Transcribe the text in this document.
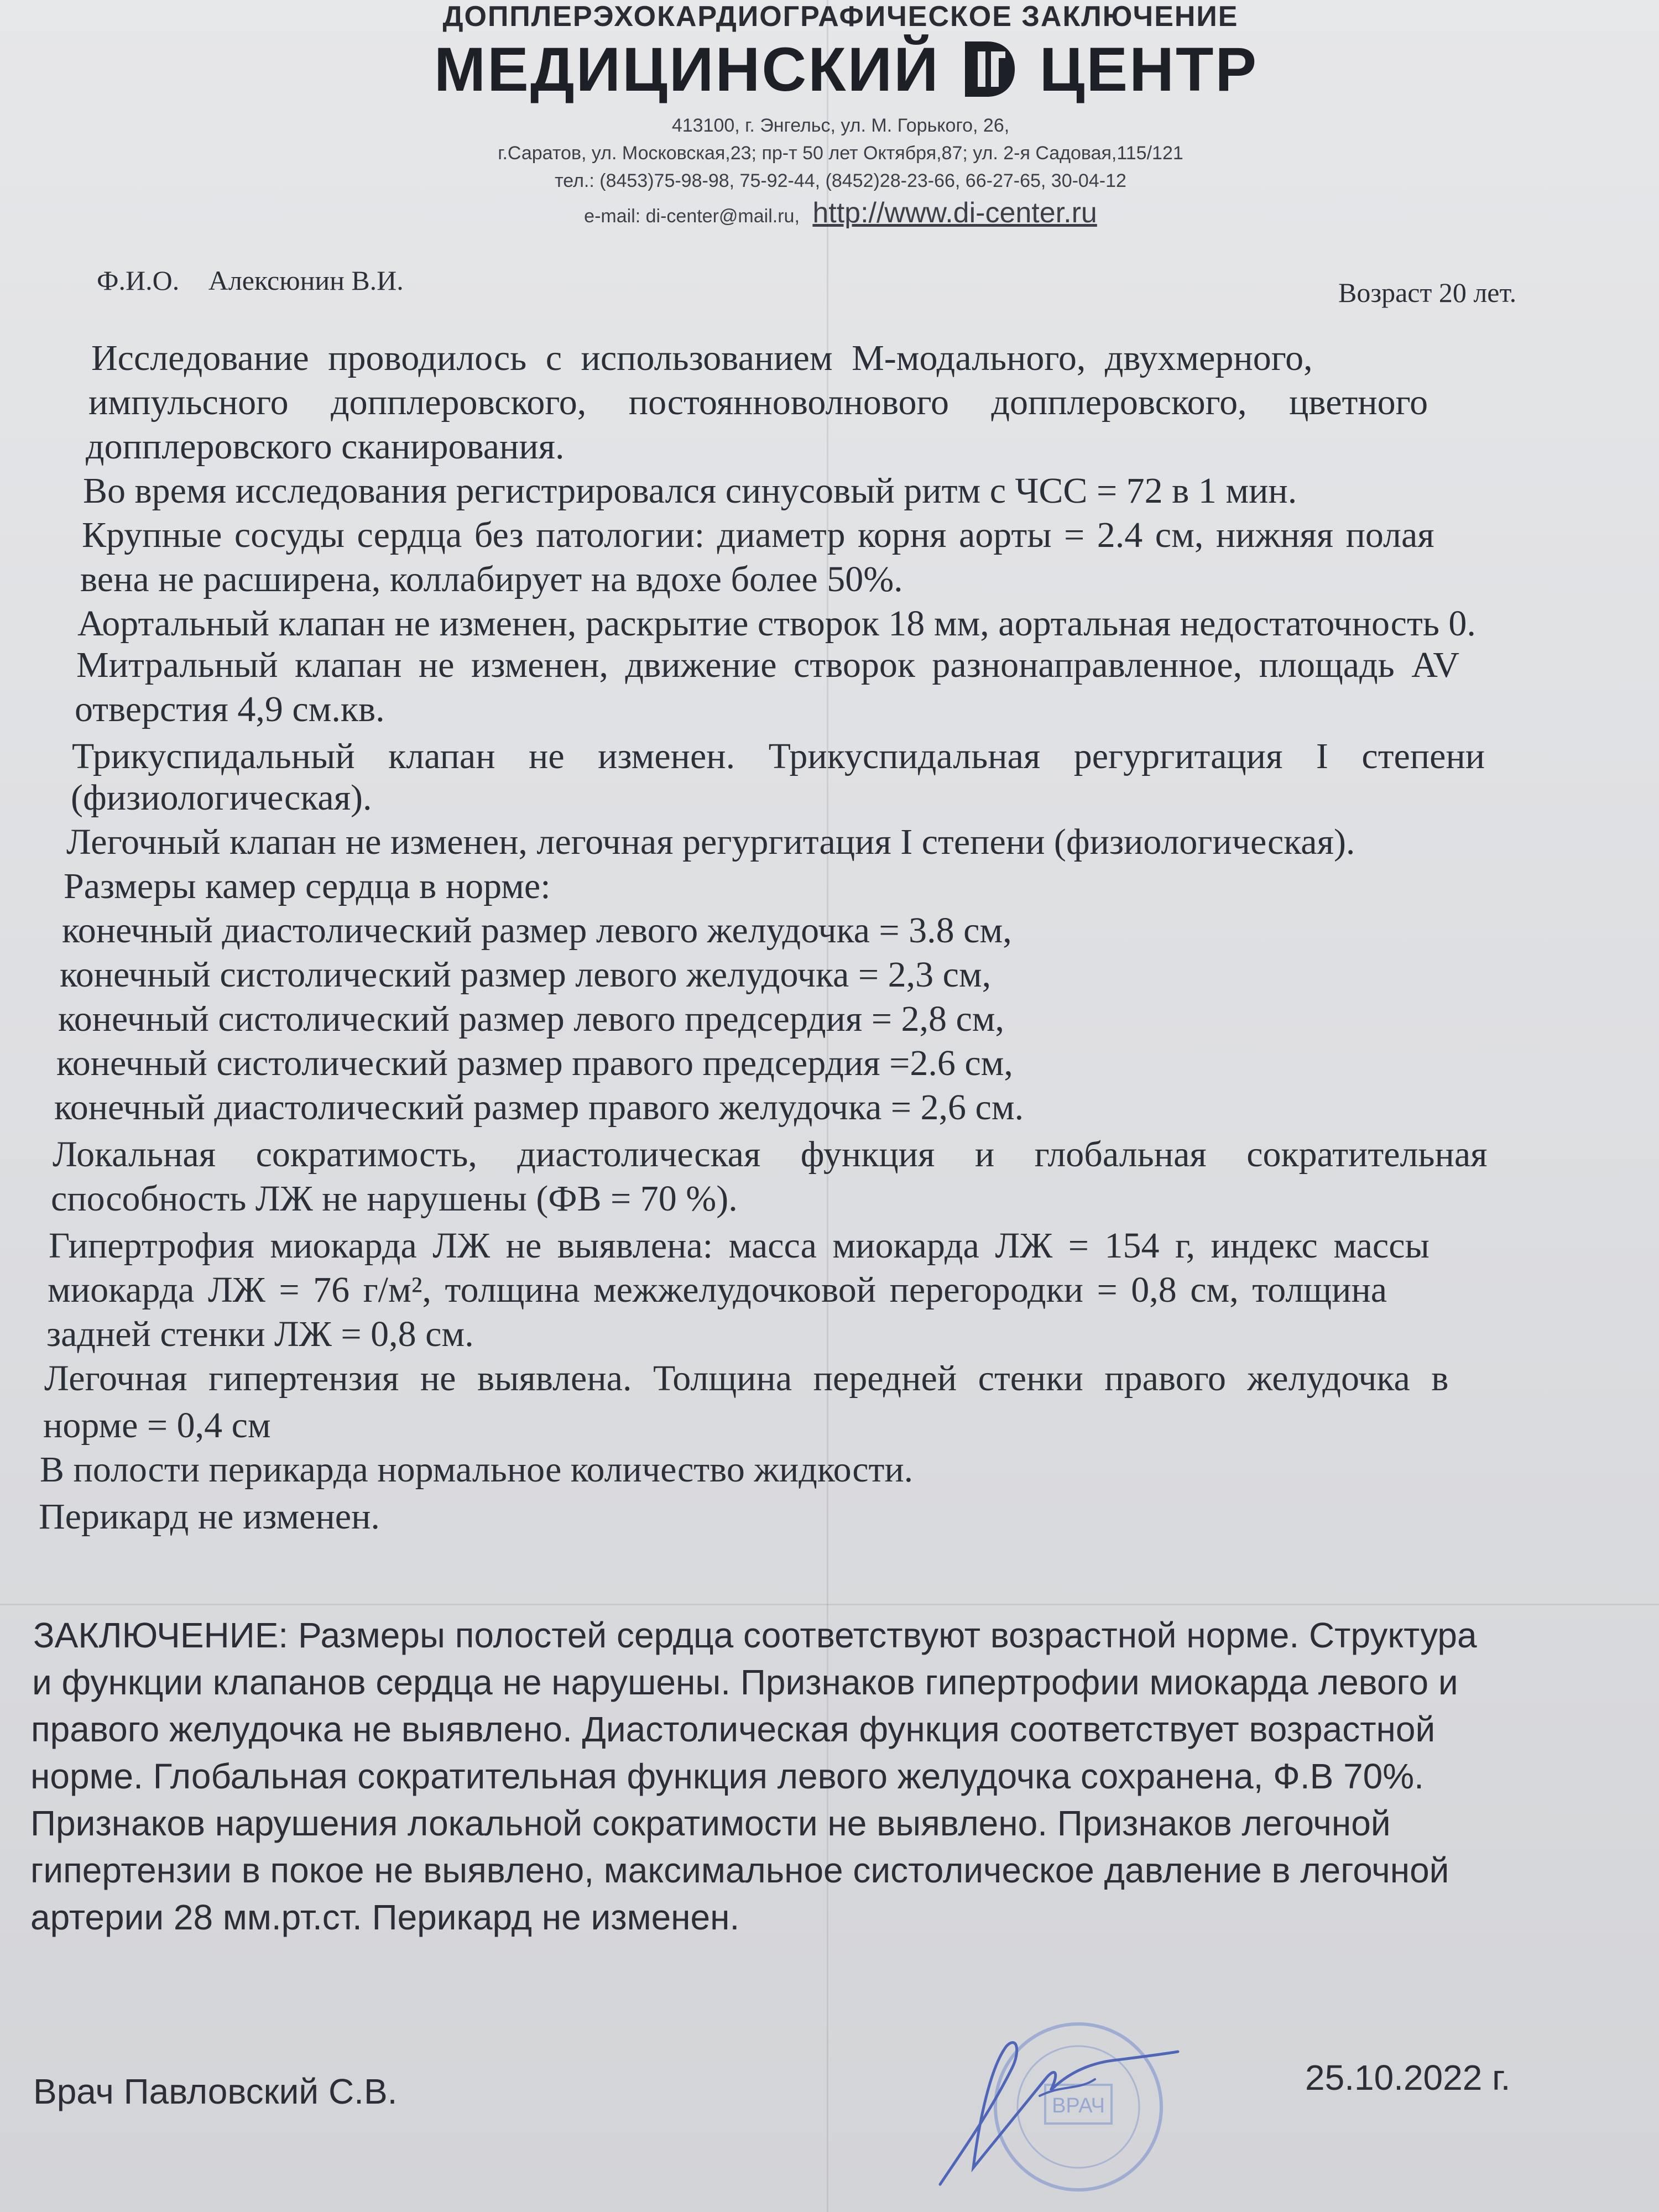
ДОППЛЕРЭХОКАРДИОГРАФИЧЕСКОЕ ЗАКЛЮЧЕНИЕ
МЕДИЦИНСКИЙ ЦЕНТР
413100, г. Энгельс, ул. М. Горького, 26,
г.Саратов, ул. Московская,23; пр-т 50 лет Октября,87; ул. 2-я Садовая,115/121
тел.: (8453)75-98-98, 75-92-44, (8452)28-23-66, 66-27-65, 30-04-12
e-mail: di-center@mail.ru, http://www.di-center.ru
Ф.И.О. Алексюнин В.И.	Возраст 20 лет.
Исследование проводилось с использованием М-модального, двухмерного,
импульсного допплеровского, постоянноволнового допплеровского, цветного
допплеровского сканирования.
Во время исследования регистрировался синусовый ритм с ЧСС = 72 в 1 мин.
Крупные сосуды сердца без патологии: диаметр корня аорты = 2.4 см, нижняя полая
вена не расширена, коллабирует на вдохе более 50%.
Аортальный клапан не изменен, раскрытие створок 18 мм, аортальная недостаточность 0.
Митральный клапан не изменен, движение створок разнонаправленное, площадь AV
отверстия 4,9 см.кв.
Трикуспидальный клапан не изменен. Трикуспидальная регургитация I степени
(физиологическая).
Легочный клапан не изменен, легочная регургитация I степени (физиологическая).
Размеры камер сердца в норме:
конечный диастолический размер левого желудочка = 3.8 см,
конечный систолический размер левого желудочка = 2,3 см,
конечный систолический размер левого предсердия = 2,8 см,
конечный систолический размер правого предсердия =2.6 см,
конечный диастолический размер правого желудочка = 2,6 см.
Локальная сократимость, диастолическая функция и глобальная сократительная
способность ЛЖ не нарушены (ФВ = 70 %).
Гипертрофия миокарда ЛЖ не выявлена: масса миокарда ЛЖ = 154 г, индекс массы
миокарда ЛЖ = 76 г/м², толщина межжелудочковой перегородки = 0,8 см, толщина
задней стенки ЛЖ = 0,8 см.
Легочная гипертензия не выявлена. Толщина передней стенки правого желудочка в
норме = 0,4 см
В полости перикарда нормальное количество жидкости.
Перикард не изменен.
ЗАКЛЮЧЕНИЕ: Размеры полостей сердца соответствуют возрастной норме. Структура
и функции клапанов сердца не нарушены. Признаков гипертрофии миокарда левого и
правого желудочка не выявлено. Диастолическая функция соответствует возрастной
норме. Глобальная сократительная функция левого желудочка сохранена, Ф.В 70%.
Признаков нарушения локальной сократимости не выявлено. Признаков легочной
гипертензии в покое не выявлено, максимальное систолическое давление в легочной
артерии 28 мм.рт.ст. Перикард не изменен.
Врач Павловский С.В.	25.10.2022 г.
ВРАЧ
